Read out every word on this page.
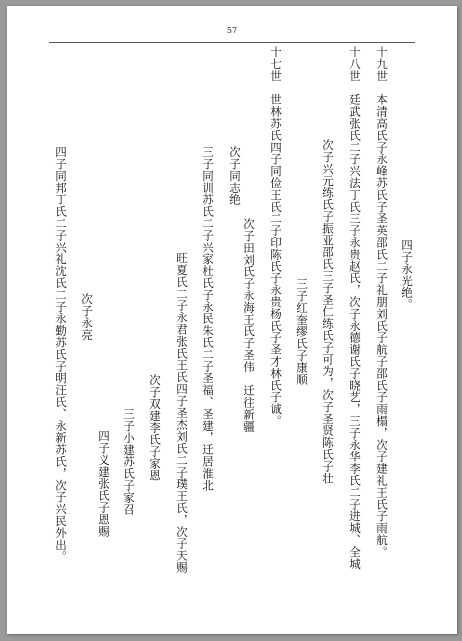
57
十九世　本清高氏子永峰苏氏子圣英邵氏二子礼朋刘氏子航子邵氏子雨榻，次子建礼王氏子雨航。
十八世　廷武张氏二子兴法丁氏三子永贵赵氏，次子永德谢氏子晓艺，三子永华李氏二子进城、全城
次子兴元练氏子振亚邵氏三子圣仁练氏子可为，次子圣贤陈氏子壮
三子红奎缪氏子康顺
四子永光绝。
十七世　世林苏氏四子同俭王氏二子印陈氏子永贵杨氏子圣才林氏子诚。
次子田刘氏子永海王氏子圣伟　迁往新疆
次子同志绝
三子同训苏氏二子兴家杜氏子永民朱氏二子圣福、圣建，迁居淮北
旺夏氏二子永君张氏王氏四子圣杰刘氏二子璞王氏，次子天赐
次子双建李氏子家恩
三子小建苏氏子家召
四子义建张氏子恩赐
次子永亮
四子同邦丁氏二子兴礼沈氏二子永勤苏氏子明汪氏、永新苏氏，次子兴民外出。
